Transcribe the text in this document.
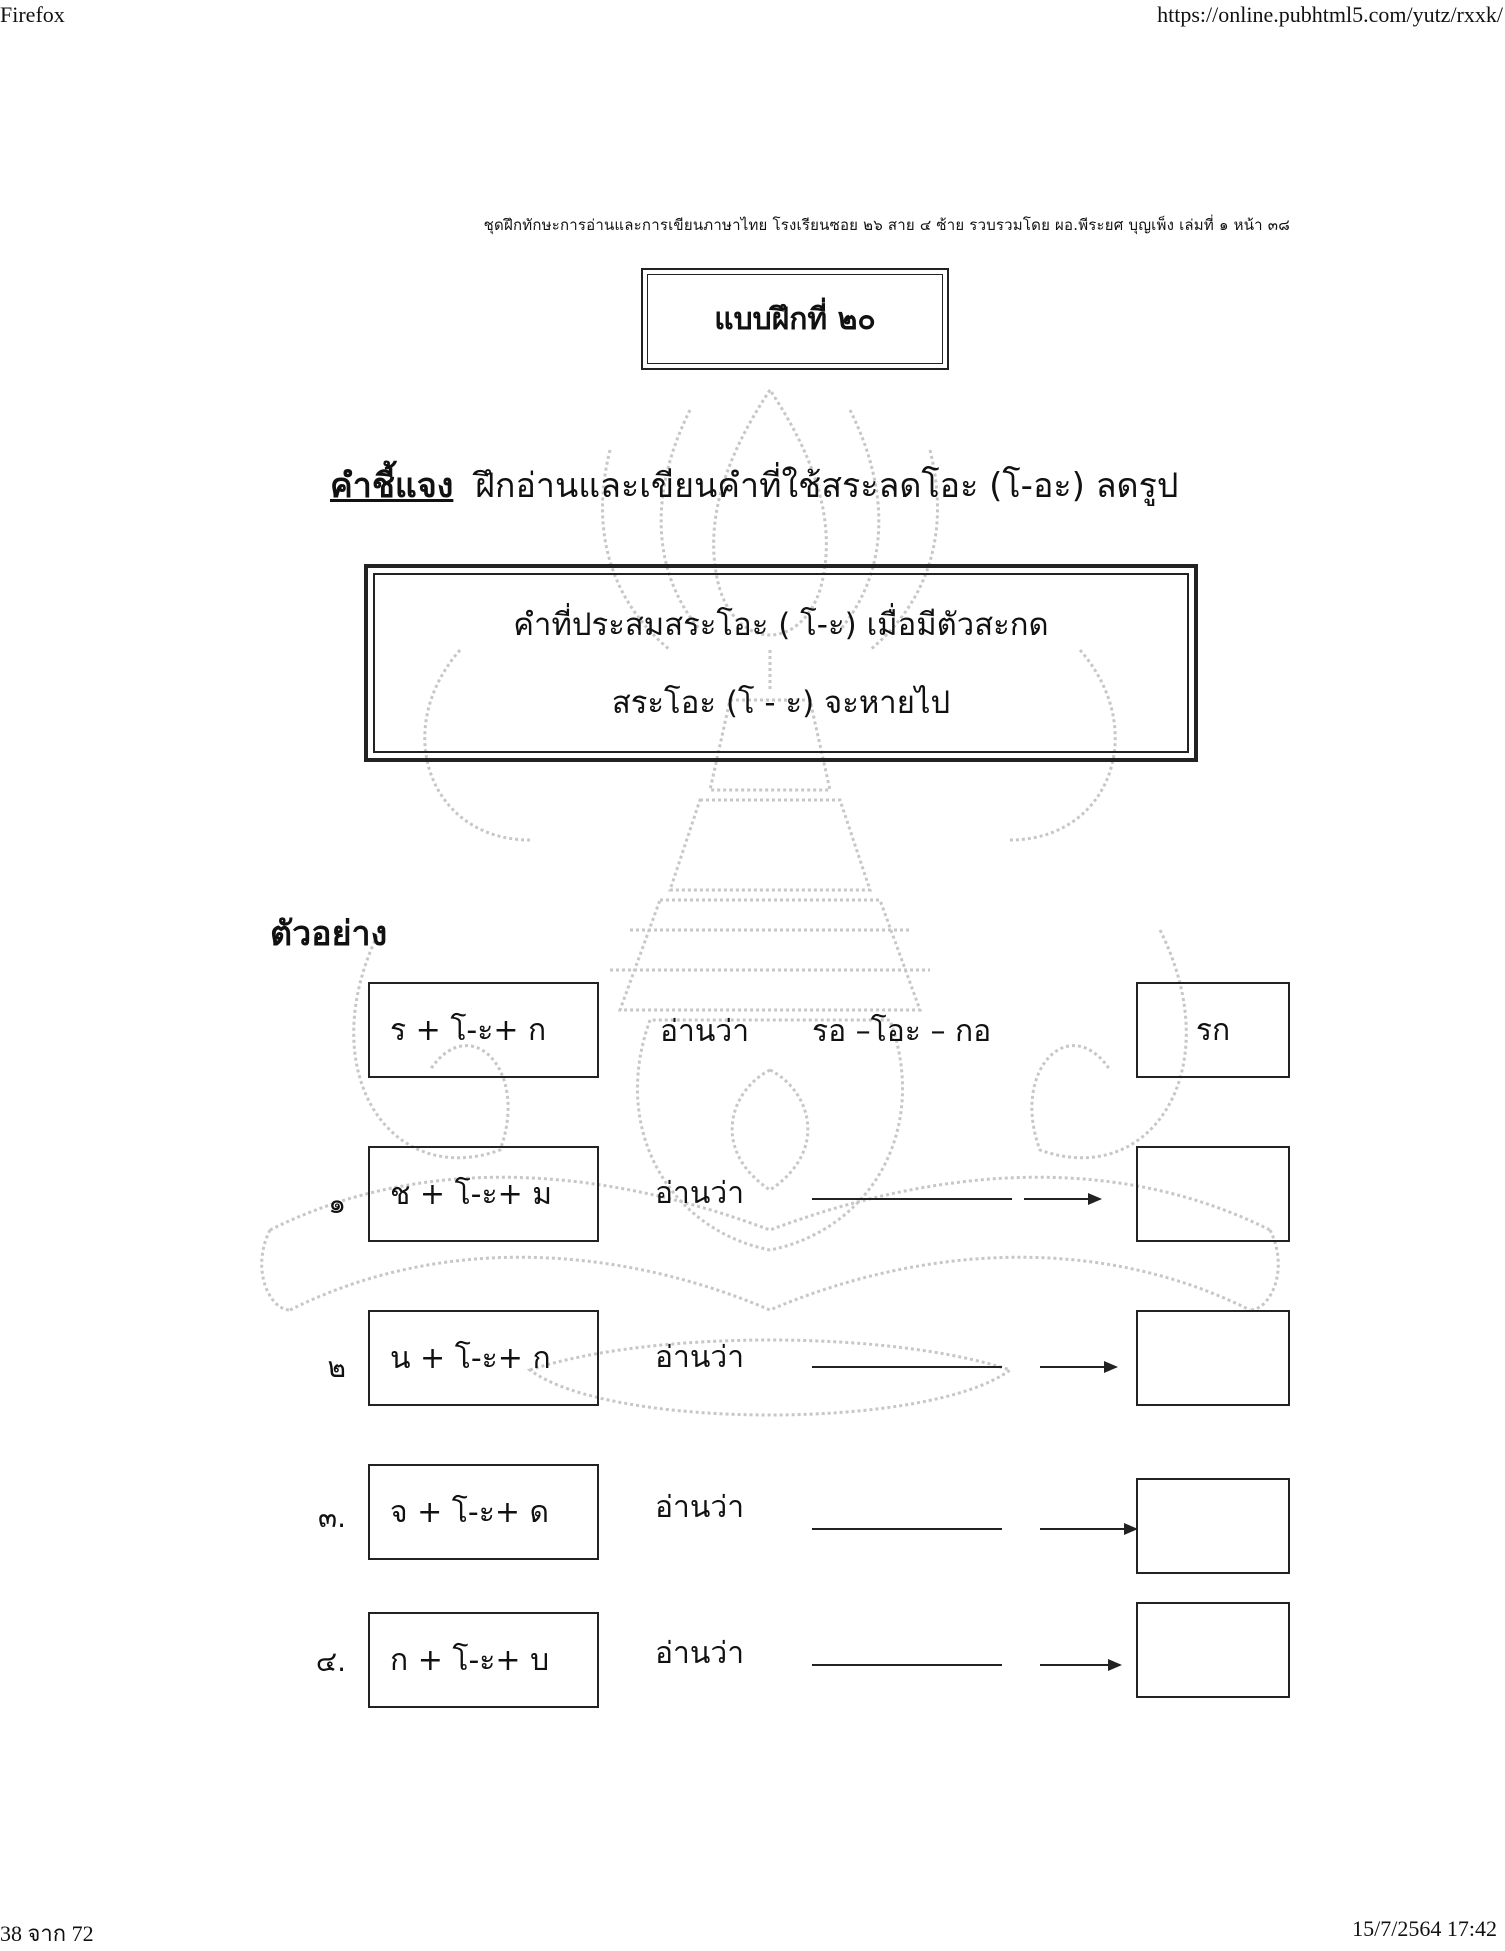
Firefox	https://online.pubhtml5.com/yutz/rxxk/
38 จาก 72	15/7/2564 17:42
ชุดฝึกทักษะการอ่านและการเขียนภาษาไทย โรงเรียนซอย ๒๖ สาย ๔ ซ้าย รวบรวมโดย ผอ.พีระยศ บุญเพ็ง เล่มที่ ๑ หน้า ๓๘
แบบฝึกที่ ๒๐
คำชี้แจง ฝึกอ่านและเขียนคำที่ใช้สระลดโอะ (โ-อะ) ลดรูป
คำที่ประสมสระโอะ ( โ-ะ) เมื่อมีตัวสะกด
สระโอะ (โ - ะ) จะหายไป
ตัวอย่าง
ร + โ-ะ+ ก	อ่านว่า รอ –โอะ – กอ	รก
๑	ช + โ-ะ+ ม	อ่านว่า
๒	น + โ-ะ+ ก	อ่านว่า
๓.	จ + โ-ะ+ ด	อ่านว่า
๔.	ก + โ-ะ+ บ	อ่านว่า
